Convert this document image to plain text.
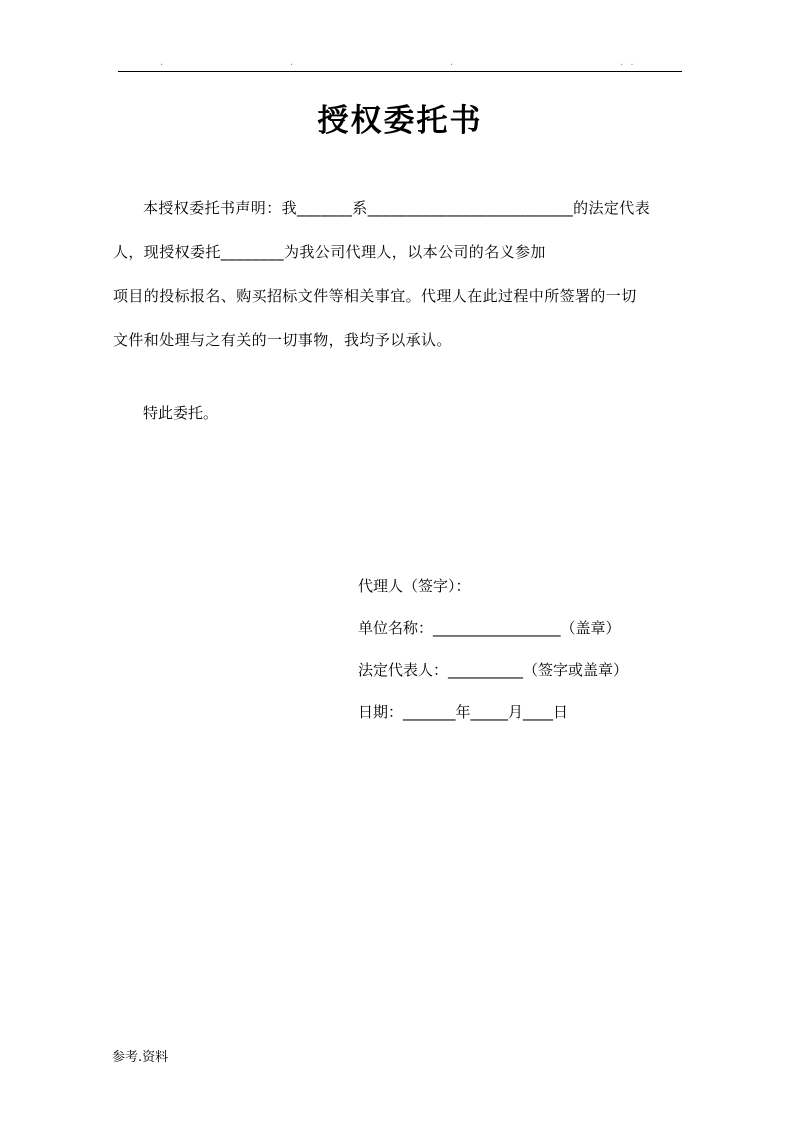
.	.	.	. .
授权委托书

本授权委托书声明：我_______系__________________________的法定代表

人，现授权委托________为我公司代理人，以本公司的名义参加

项目的投标报名、购买招标文件等相关事宜。代理人在此过程中所签署的一切

文件和处理与之有关的一切事物，我均予以承认。

特此委托。
代理人（签字）：
单位名称：_________________（盖章）
法定代表人：__________（签字或盖章）
日期：_______年_____月____日
参考.资料
